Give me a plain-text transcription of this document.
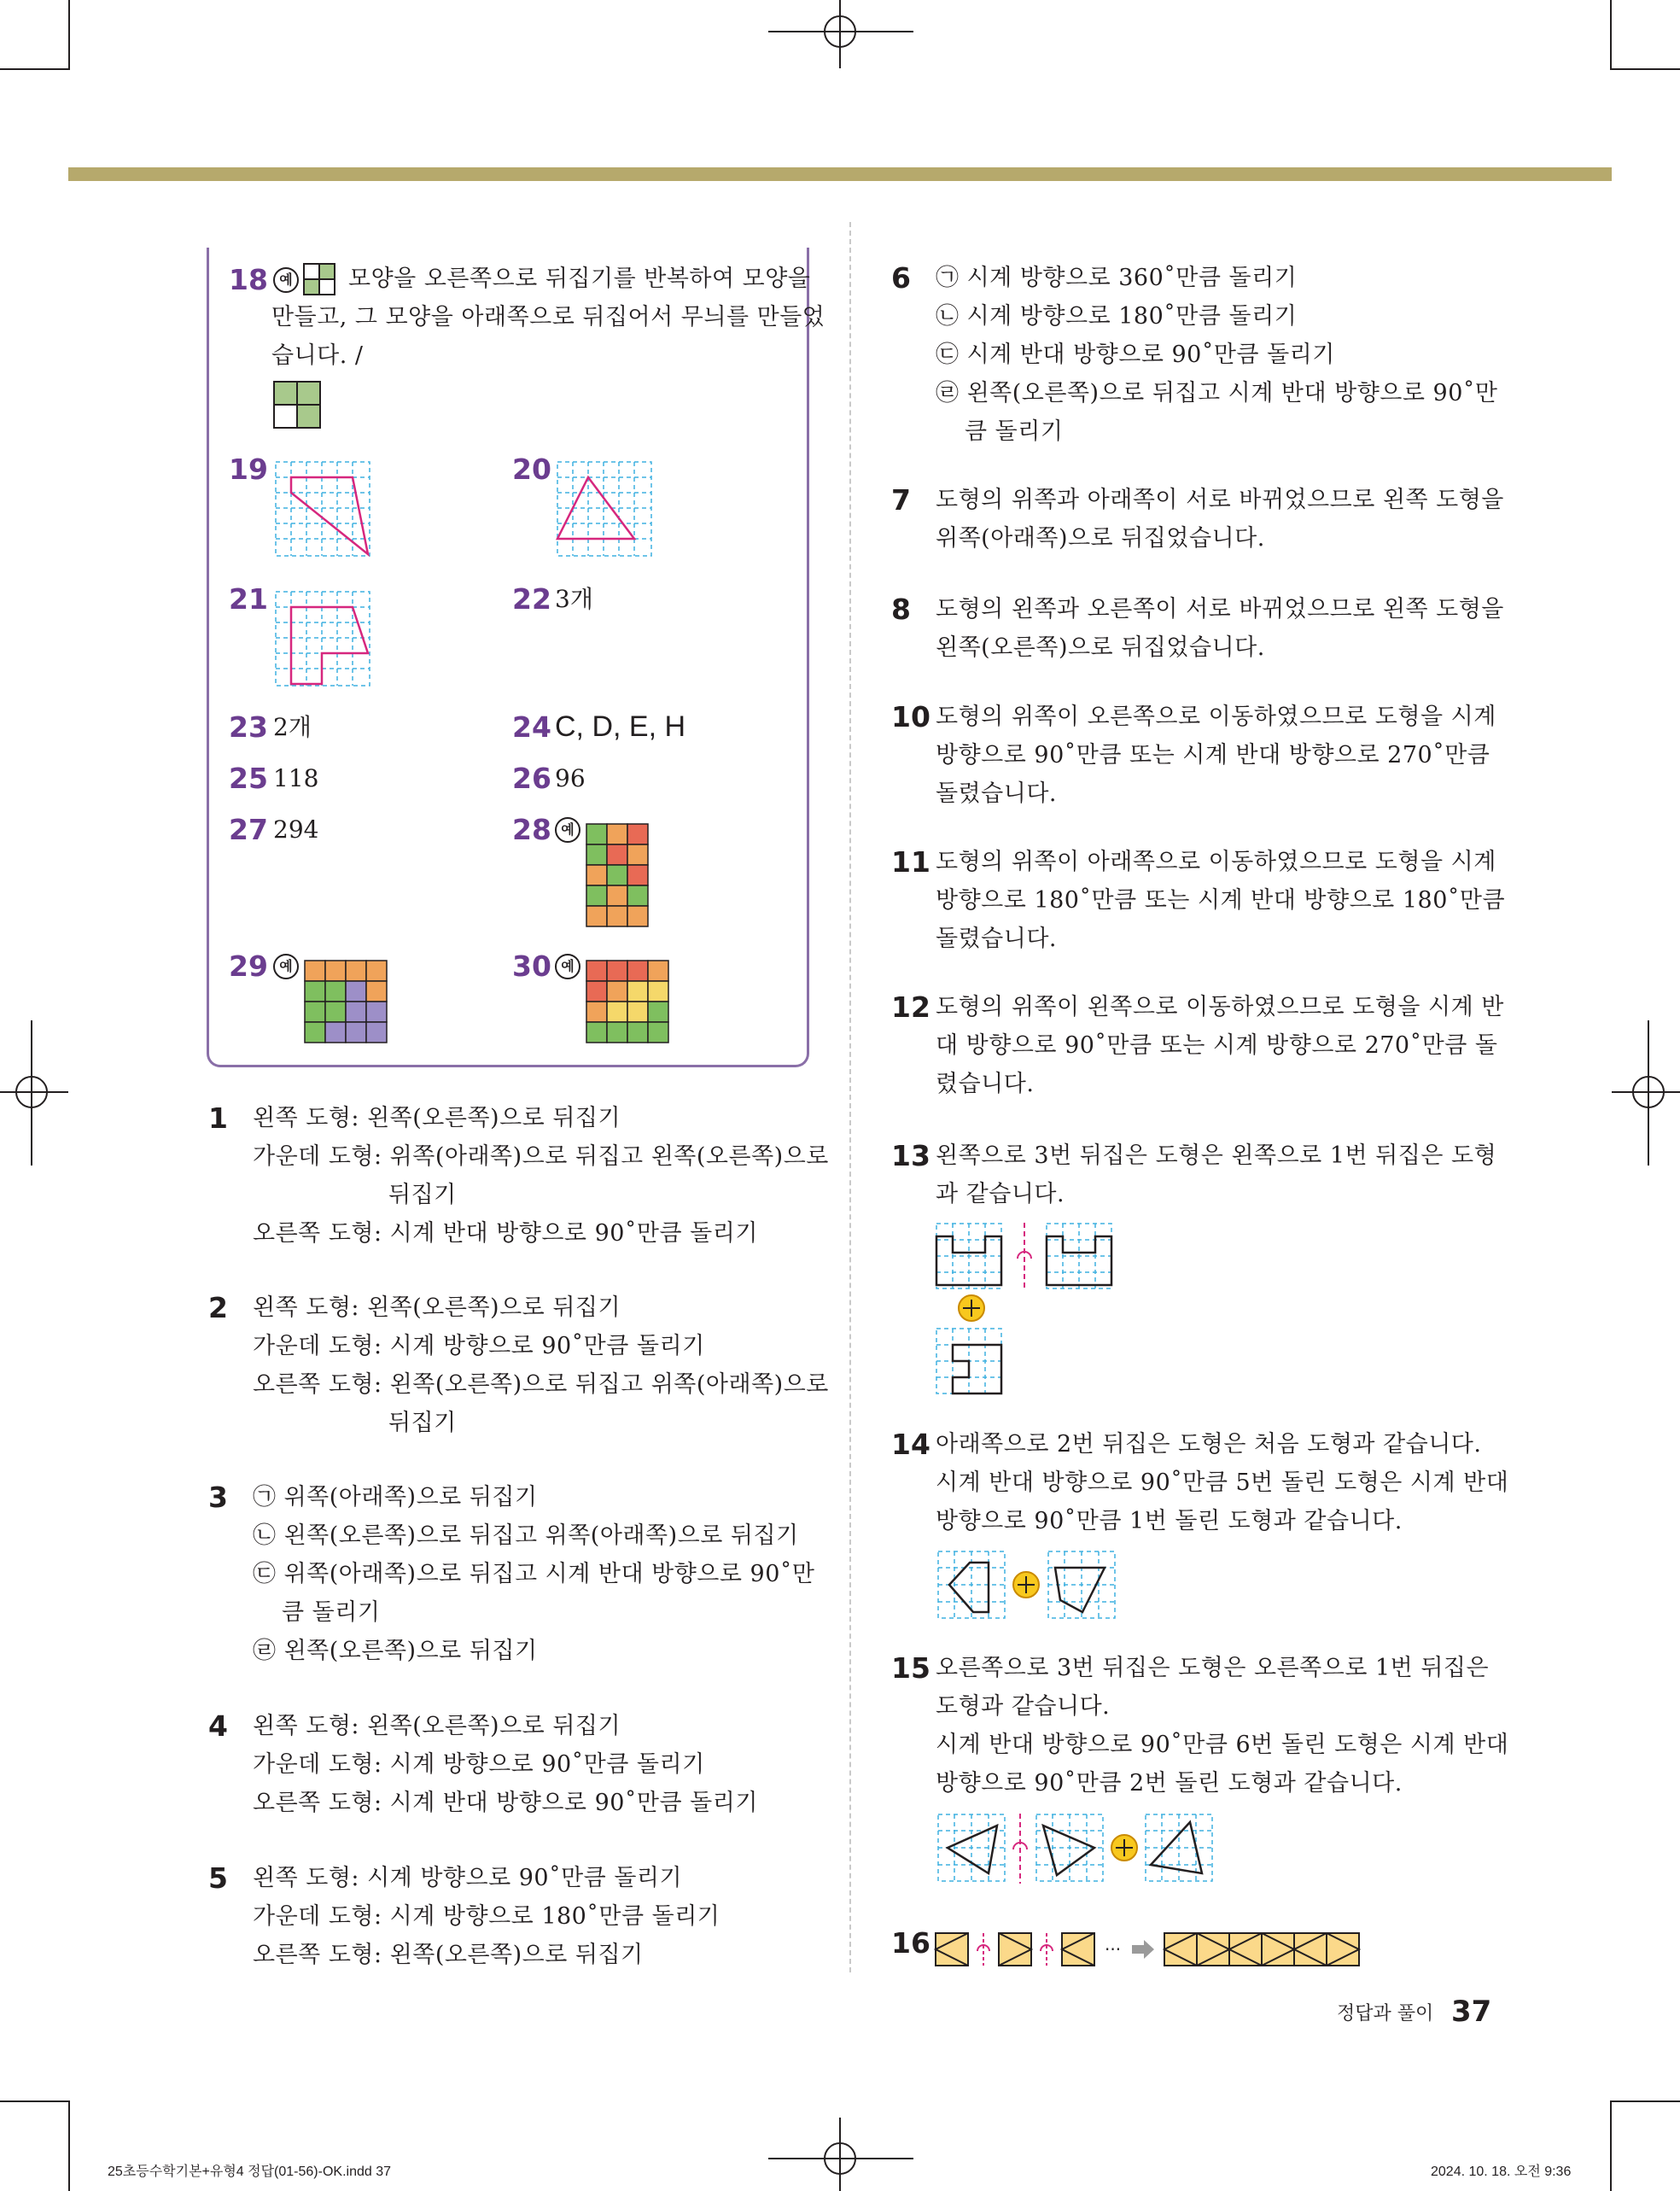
18 예 모양을 오른쪽으로 뒤집기를 반복하여 모양을
만들고, 그 모양을 아래쪽으로 뒤집어서 무늬를 만들었
습니다. /
19	20
21	22 3개
23 2개	24 C, D, E, H
25 118	26 96
27 294	28 예
29 예	30 예
1 왼쪽 도형: 왼쪽(오른쪽)으로 뒤집기
가운데 도형: 위쪽(아래쪽)으로 뒤집고 왼쪽(오른쪽)으로
뒤집기
오른쪽 도형: 시계 반대 방향으로 90˚만큼 돌리기
2 왼쪽 도형: 왼쪽(오른쪽)으로 뒤집기
가운데 도형: 시계 방향으로 90˚만큼 돌리기
오른쪽 도형: 왼쪽(오른쪽)으로 뒤집고 위쪽(아래쪽)으로
뒤집기
3 ㉠ 위쪽(아래쪽)으로 뒤집기
㉡ 왼쪽(오른쪽)으로 뒤집고 위쪽(아래쪽)으로 뒤집기
㉢ 위쪽(아래쪽)으로 뒤집고 시계 반대 방향으로 90˚만
큼 돌리기
㉣ 왼쪽(오른쪽)으로 뒤집기
4 왼쪽 도형: 왼쪽(오른쪽)으로 뒤집기
가운데 도형: 시계 방향으로 90˚만큼 돌리기
오른쪽 도형: 시계 반대 방향으로 90˚만큼 돌리기
5 왼쪽 도형: 시계 방향으로 90˚만큼 돌리기
가운데 도형: 시계 방향으로 180˚만큼 돌리기
오른쪽 도형: 왼쪽(오른쪽)으로 뒤집기
6 ㉠ 시계 방향으로 360˚만큼 돌리기
㉡ 시계 방향으로 180˚만큼 돌리기
㉢ 시계 반대 방향으로 90˚만큼 돌리기
㉣ 왼쪽(오른쪽)으로 뒤집고 시계 반대 방향으로 90˚만
큼 돌리기
7 도형의 위쪽과 아래쪽이 서로 바뀌었으므로 왼쪽 도형을
위쪽(아래쪽)으로 뒤집었습니다.
8 도형의 왼쪽과 오른쪽이 서로 바뀌었으므로 왼쪽 도형을
왼쪽(오른쪽)으로 뒤집었습니다.
10 도형의 위쪽이 오른쪽으로 이동하였으므로 도형을 시계
방향으로 90˚만큼 또는 시계 반대 방향으로 270˚만큼
돌렸습니다.
11 도형의 위쪽이 아래쪽으로 이동하였으므로 도형을 시계
방향으로 180˚만큼 또는 시계 반대 방향으로 180˚만큼
돌렸습니다.
12 도형의 위쪽이 왼쪽으로 이동하였으므로 도형을 시계 반
대 방향으로 90˚만큼 또는 시계 방향으로 270˚만큼 돌
렸습니다.
13 왼쪽으로 3번 뒤집은 도형은 왼쪽으로 1번 뒤집은 도형
과 같습니다.
14 아래쪽으로 2번 뒤집은 도형은 처음 도형과 같습니다.
시계 반대 방향으로 90˚만큼 5번 돌린 도형은 시계 반대
방향으로 90˚만큼 1번 돌린 도형과 같습니다.
15 오른쪽으로 3번 뒤집은 도형은 오른쪽으로 1번 뒤집은
도형과 같습니다.
시계 반대 방향으로 90˚만큼 6번 돌린 도형은 시계 반대
방향으로 90˚만큼 2번 돌린 도형과 같습니다.
16	···
정답과 풀이 37
25초등수학기본+유형4 정답(01-56)-OK.indd 37	2024. 10. 18. 오전 9:36
